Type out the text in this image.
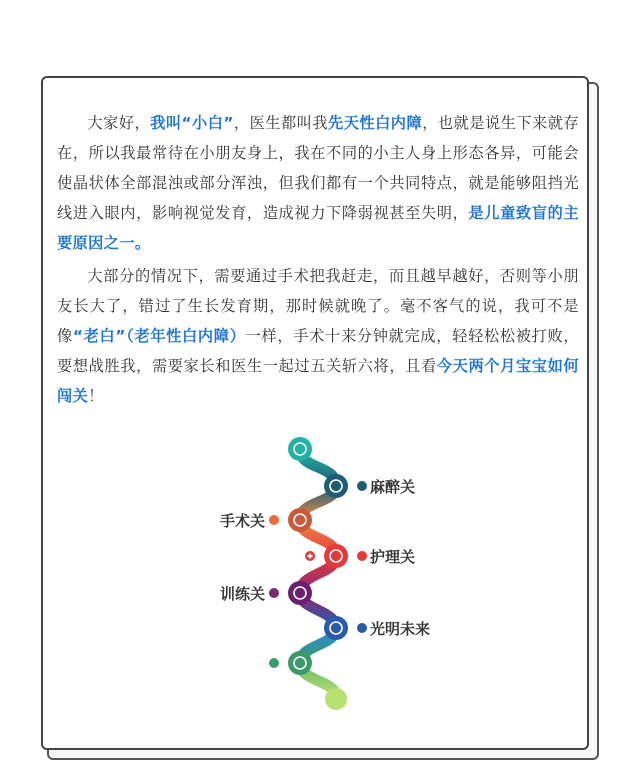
大家好，我叫“小白”，医生都叫我先天性白内障，也就是说生下来就存在，所以我最常待在小朋友身上，我在不同的小主人身上形态各异，可能会使晶状体全部混浊或部分浑浊，但我们都有一个共同特点，就是能够阻挡光线进入眼内，影响视觉发育，造成视力下降弱视甚至失明，是儿童致盲的主要原因之一。

大部分的情况下，需要通过手术把我赶走，而且越早越好，否则等小朋友长大了，错过了生长发育期，那时候就晚了。毫不客气的说，我可不是像“老白”（老年性白内障）一样，手术十来分钟就完成，轻轻松松被打败，要想战胜我，需要家长和医生一起过五关斩六将，且看今天两个月宝宝如何闯关！

麻醉关
手术关
护理关
训练关
光明未来
